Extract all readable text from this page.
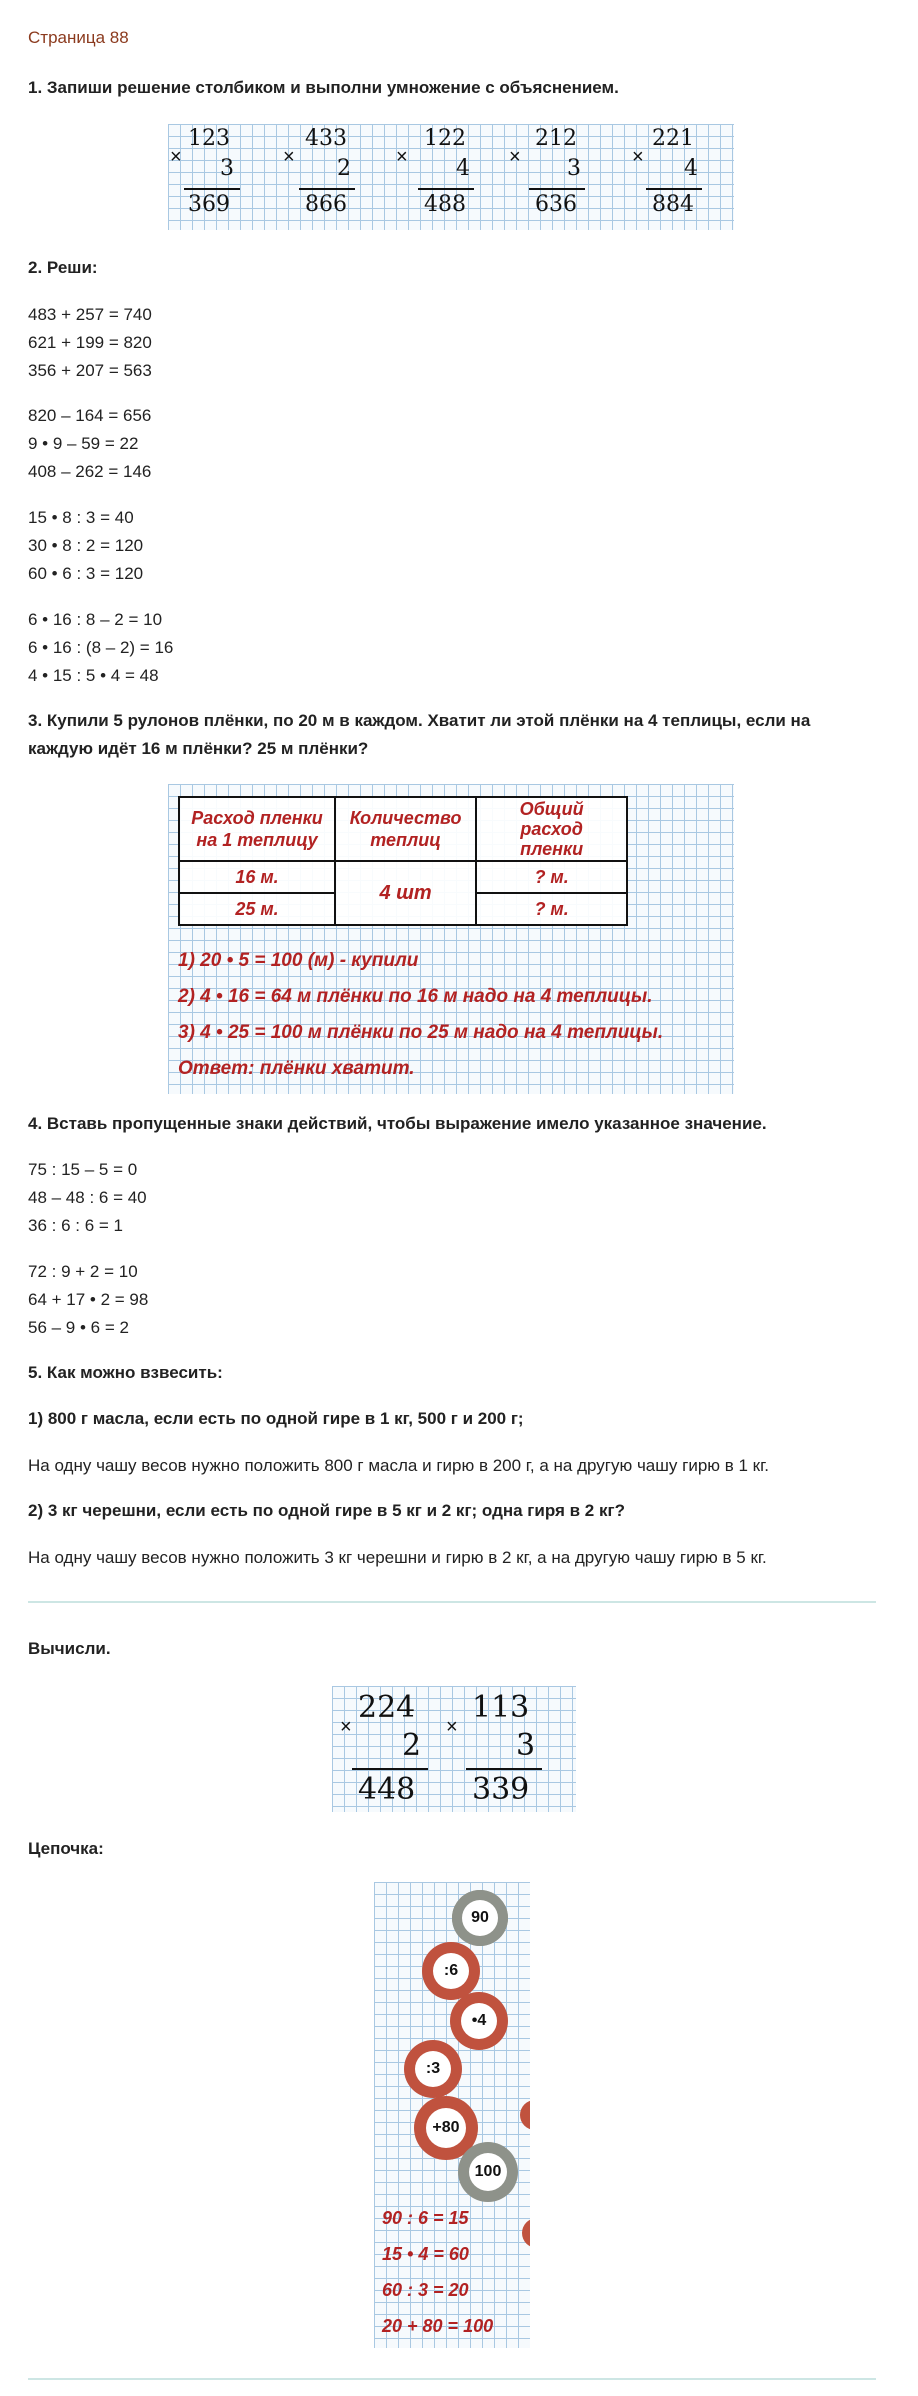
Страница 88
1. Запиши решение столбиком и выполни умножение с объяснением.
×
123
3
369
×
433
2
866
×
122
4
488
×
212
3
636
×
221
4
884
2. Реши:
483 + 257 = 740
621 + 199 = 820
356 + 207 = 563
820 – 164 = 656
9 • 9 – 59 = 22
408 – 262 = 146
15 • 8 : 3 = 40
30 • 8 : 2 = 120
60 • 6 : 3 = 120
6 • 16 : 8 – 2 = 10
6 • 16 : (8 – 2) = 16
4 • 15 : 5 • 4 = 48
3. Купили 5 рулонов плёнки, по 20 м в каждом. Хватит ли этой плёнки на 4 теплицы, если на
каждую идёт 16 м плёнки? 25 м плёнки?
Расход пленки на 1 теплицу	Количество теплиц	Общий расход пленки

16 м.	4 шт	? м.
25 м.		? м.
1) 20 • 5 = 100 (м) - купили
2) 4 • 16 = 64 м плёнки по 16 м надо на 4 теплицы.
3) 4 • 25 = 100 м плёнки по 25 м надо на 4 теплицы.
Ответ: плёнки хватит.
4. Вставь пропущенные знаки действий, чтобы выражение имело указанное значение.
75 : 15 – 5 = 0
48 – 48 : 6 = 40
36 : 6 : 6 = 1
72 : 9 + 2 = 10
64 + 17 • 2 = 98
56 – 9 • 6 = 2
5. Как можно взвесить:
1) 800 г масла, если есть по одной гире в 1 кг, 500 г и 200 г;
На одну чашу весов нужно положить 800 г масла и гирю в 200 г, а на другую чашу гирю в 1 кг.
2) 3 кг черешни, если есть по одной гире в 5 кг и 2 кг; одна гиря в 2 кг?
На одну чашу весов нужно положить 3 кг черешни и гирю в 2 кг, а на другую чашу гирю в 5 кг.
Вычисли.
×
224
2
448
×
113
3
339
Цепочка:
90
:6
•4
:3
+80
100
90 : 6 = 15
15 • 4 = 60
60 : 3 = 20
20 + 80 = 100
